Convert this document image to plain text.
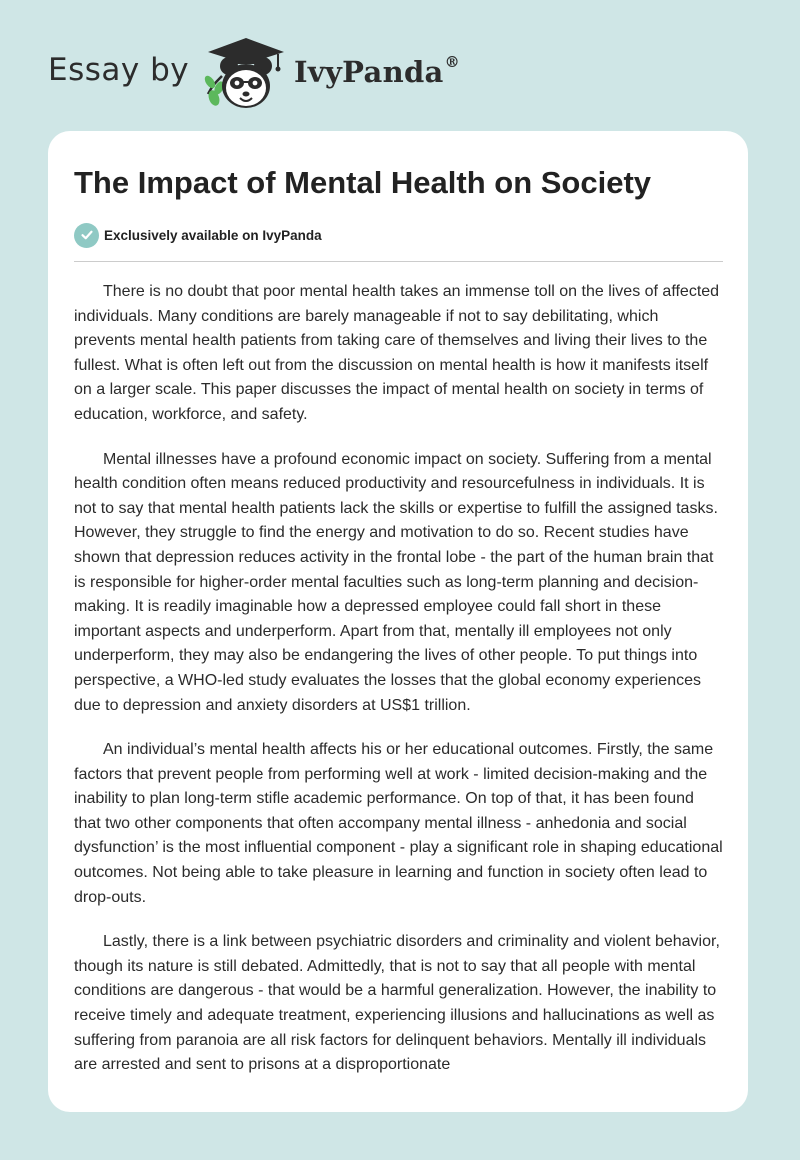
Essay by	IvyPanda®
The Impact of Mental Health on Society
Exclusively available on IvyPanda

There is no doubt that poor mental health takes an immense toll on the lives of affected individuals. Many conditions are barely manageable if not to say debilitating, which prevents mental health patients from taking care of themselves and living their lives to the fullest. What is often left out from the discussion on mental health is how it manifests itself on a larger scale. This paper discusses the impact of mental health on society in terms of education, workforce, and safety.

Mental illnesses have a profound economic impact on society. Suffering from a mental health condition often means reduced productivity and resourcefulness in individuals. It is not to say that mental health patients lack the skills or expertise to fulfill the assigned tasks. However, they struggle to find the energy and motivation to do so. Recent studies have shown that depression reduces activity in the frontal lobe - the part of the human brain that is responsible for higher-order mental faculties such as long-term planning and decision-making. It is readily imaginable how a depressed employee could fall short in these important aspects and underperform. Apart from that, mentally ill employees not only underperform, they may also be endangering the lives of other people. To put things into perspective, a WHO-led study evaluates the losses that the global economy experiences due to depression and anxiety disorders at US$1 trillion.

An individual’s mental health affects his or her educational outcomes. Firstly, the same factors that prevent people from performing well at work - limited decision-making and the inability to plan long-term stifle academic performance. On top of that, it has been found that two other components that often accompany mental illness - anhedonia and social dysfunction’ is the most influential component - play a significant role in shaping educational outcomes. Not being able to take pleasure in learning and function in society often lead to drop-outs.

Lastly, there is a link between psychiatric disorders and criminality and violent behavior, though its nature is still debated. Admittedly, that is not to say that all people with mental conditions are dangerous - that would be a harmful generalization. However, the inability to receive timely and adequate treatment, experiencing illusions and hallucinations as well as suffering from paranoia are all risk factors for delinquent behaviors. Mentally ill individuals are arrested and sent to prisons at a disproportionate
